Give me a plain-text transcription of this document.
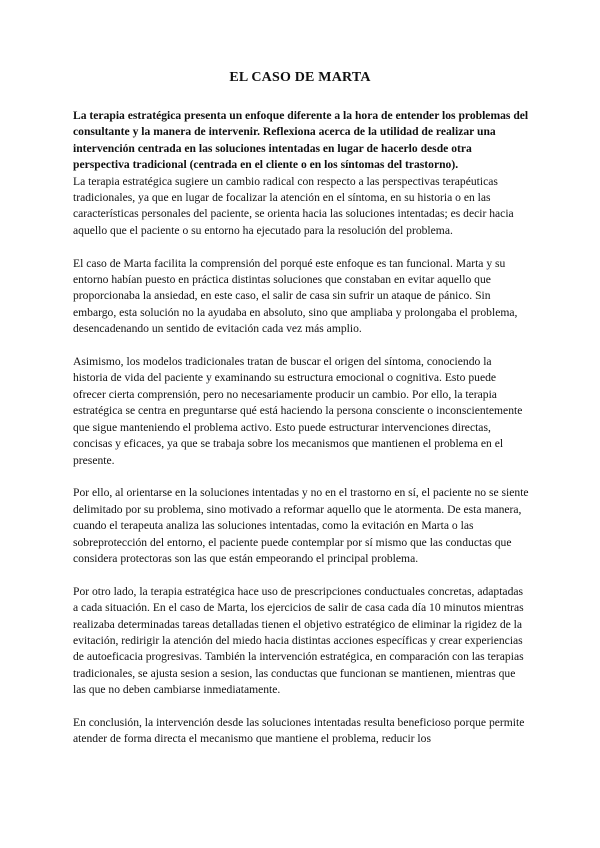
EL CASO DE MARTA

La terapia estratégica presenta un enfoque diferente a la hora de entender los problemas del consultante y la manera de intervenir. Reflexiona acerca de la utilidad de realizar una intervención centrada en las soluciones intentadas en lugar de hacerlo desde otra perspectiva tradicional (centrada en el cliente o en los síntomas del trastorno).

La terapia estratégica sugiere un cambio radical con respecto a las perspectivas terapéuticas tradicionales, ya que en lugar de focalizar la atención en el síntoma, en su historia o en las características personales del paciente, se orienta hacia las soluciones intentadas; es decir hacia aquello que el paciente o su entorno ha ejecutado para la resolución del problema.

El caso de Marta facilita la comprensión del porqué este enfoque es tan funcional. Marta y su entorno habían puesto en práctica distintas soluciones que constaban en evitar aquello que proporcionaba la ansiedad, en este caso, el salir de casa sin sufrir un ataque de pánico. Sin embargo, esta solución no la ayudaba en absoluto, sino que ampliaba y prolongaba el problema, desencadenando un sentido de evitación cada vez más amplio.

Asimismo, los modelos tradicionales tratan de buscar el origen del síntoma, conociendo la historia de vida del paciente y examinando su estructura emocional o cognitiva. Esto puede ofrecer cierta comprensión, pero no necesariamente producir un cambio. Por ello, la terapia estratégica se centra en preguntarse qué está haciendo la persona consciente o inconscientemente que sigue manteniendo el problema activo. Esto puede estructurar intervenciones directas, concisas y eficaces, ya que se trabaja sobre los mecanismos que mantienen el problema en el presente.

Por ello, al orientarse en la soluciones intentadas y no en el trastorno en sí, el paciente no se siente delimitado por su problema, sino motivado a reformar aquello que le atormenta. De esta manera, cuando el terapeuta analiza las soluciones intentadas, como la evitación en Marta o las sobreprotección del entorno, el paciente puede contemplar por sí mismo que las conductas que considera protectoras son las que están empeorando el principal problema.

Por otro lado, la terapia estratégica hace uso de prescripciones conductuales concretas, adaptadas a cada situación. En el caso de Marta, los ejercicios de salir de casa cada día 10 minutos mientras realizaba determinadas tareas detalladas tienen el objetivo estratégico de eliminar la rigidez de la evitación, redirigir la atención del miedo hacia distintas acciones específicas y crear experiencias de autoeficacia progresivas. También la intervención estratégica, en comparación con las terapias tradicionales, se ajusta sesion a sesion, las conductas que funcionan se mantienen, mientras que las que no deben cambiarse inmediatamente.

En conclusión, la intervención desde las soluciones intentadas resulta beneficioso porque permite atender de forma directa el mecanismo que mantiene el problema, reducir los
